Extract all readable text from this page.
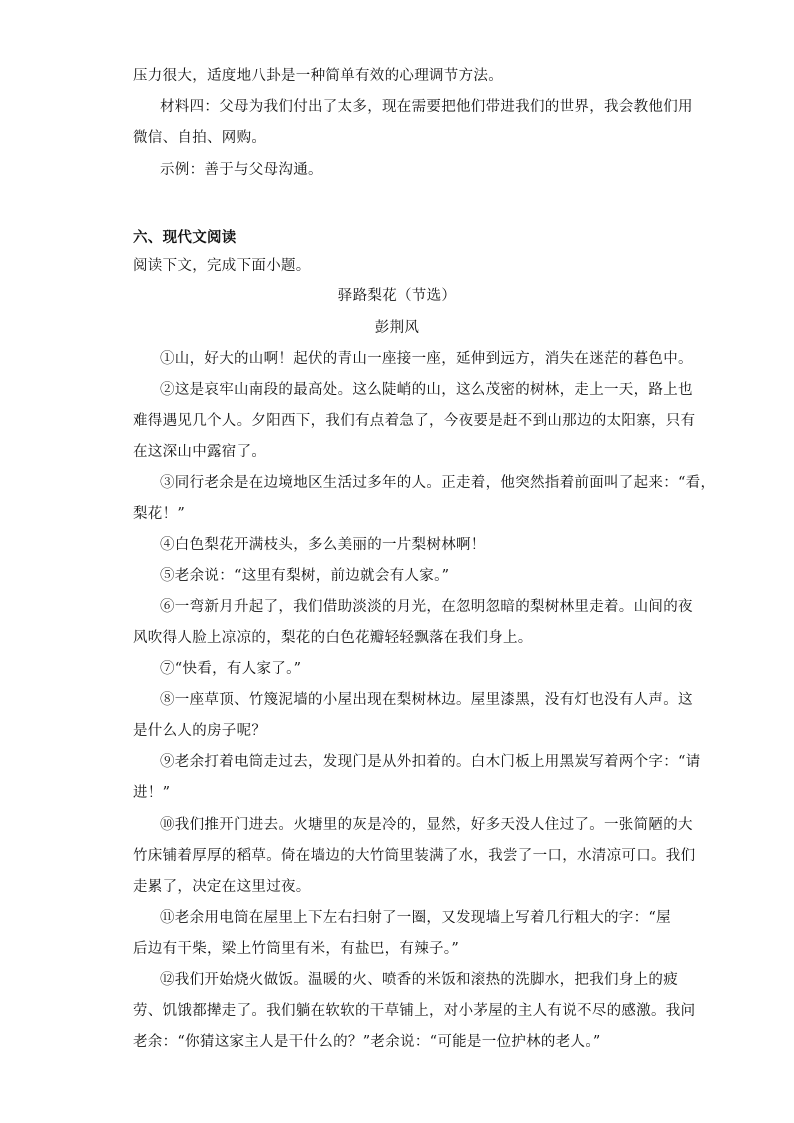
压力很大，适度地八卦是一种简单有效的心理调节方法。
材料四：父母为我们付出了太多，现在需要把他们带进我们的世界，我会教他们用
微信、自拍、网购。
示例：善于与父母沟通。
六、现代文阅读
阅读下文，完成下面小题。
驿路梨花（节选）
彭荆风
①山，好大的山啊！起伏的青山一座接一座，延伸到远方，消失在迷茫的暮色中。
②这是哀牢山南段的最高处。这么陡峭的山，这么茂密的树林，走上一天，路上也
难得遇见几个人。夕阳西下，我们有点着急了，今夜要是赶不到山那边的太阳寨，只有
在这深山中露宿了。
③同行老余是在边境地区生活过多年的人。正走着，他突然指着前面叫了起来：“看，
梨花！”
④白色梨花开满枝头，多么美丽的一片梨树林啊！
⑤老余说：“这里有梨树，前边就会有人家。”
⑥一弯新月升起了，我们借助淡淡的月光，在忽明忽暗的梨树林里走着。山间的夜
风吹得人脸上凉凉的，梨花的白色花瓣轻轻飘落在我们身上。
⑦“快看，有人家了。”
⑧一座草顶、竹篾泥墙的小屋出现在梨树林边。屋里漆黑，没有灯也没有人声。这
是什么人的房子呢？
⑨老余打着电筒走过去，发现门是从外扣着的。白木门板上用黑炭写着两个字：“请
进！”
⑩我们推开门进去。火塘里的灰是冷的，显然，好多天没人住过了。一张简陋的大
竹床铺着厚厚的稻草。倚在墙边的大竹筒里装满了水，我尝了一口，水清凉可口。我们
走累了，决定在这里过夜。
⑪老余用电筒在屋里上下左右扫射了一圈，又发现墙上写着几行粗大的字：“屋
后边有干柴，梁上竹筒里有米，有盐巴，有辣子。”
⑫我们开始烧火做饭。温暖的火、喷香的米饭和滚热的洗脚水，把我们身上的疲
劳、饥饿都撵走了。我们躺在软软的干草铺上，对小茅屋的主人有说不尽的感激。我问
老余：“你猜这家主人是干什么的？”老余说：“可能是一位护林的老人。”
